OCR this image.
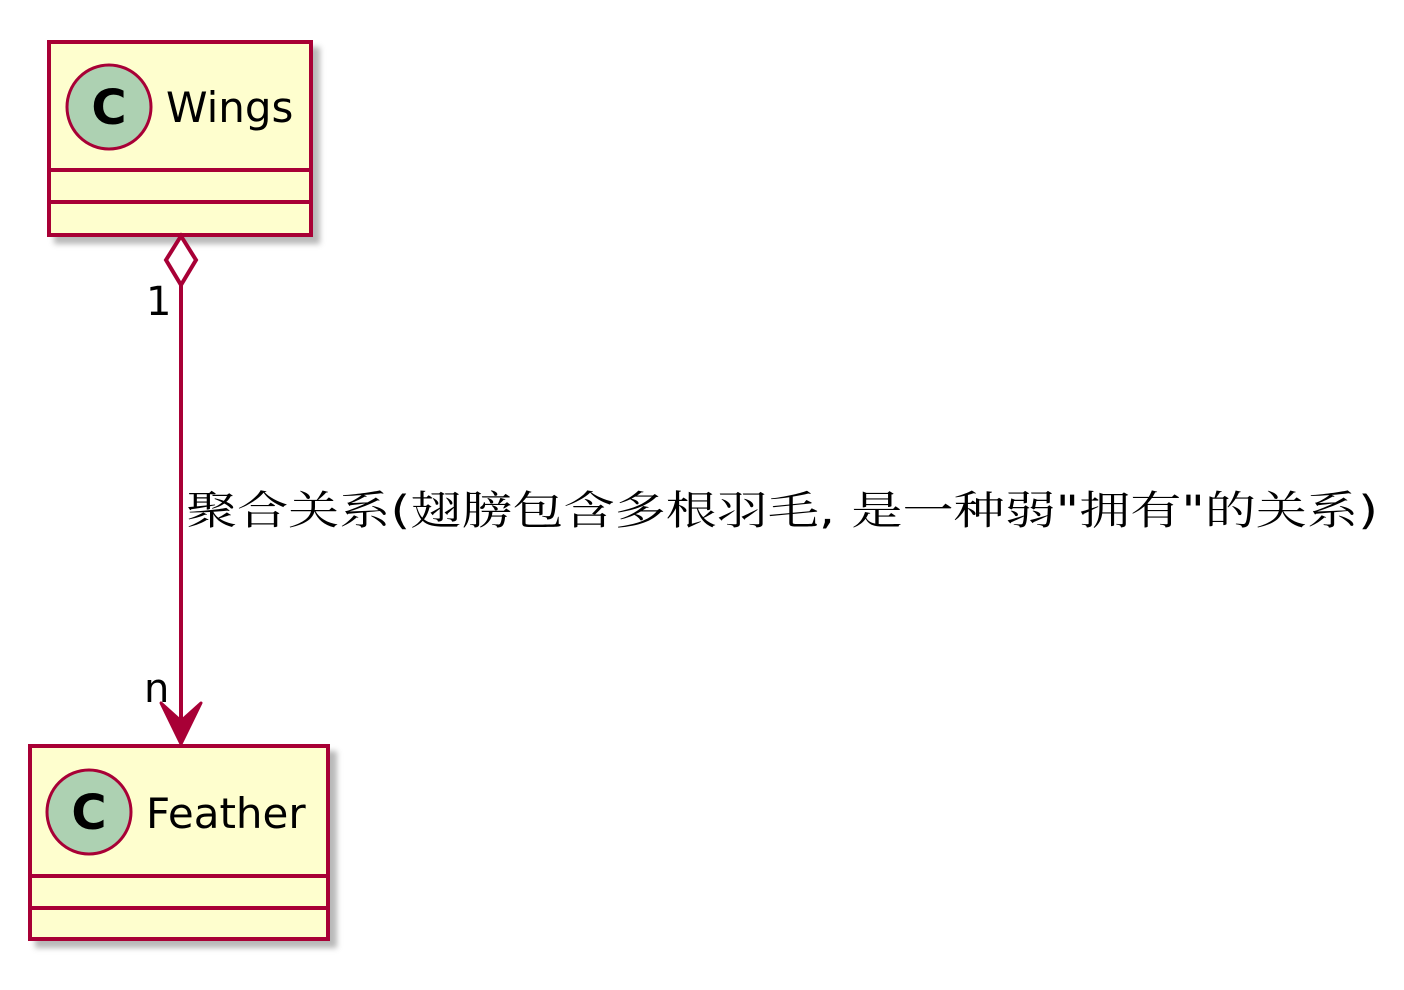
C Wings
C Feather
1
n
聚合关系(翅膀包含多根羽毛, 是一种弱"拥有"的关系)
